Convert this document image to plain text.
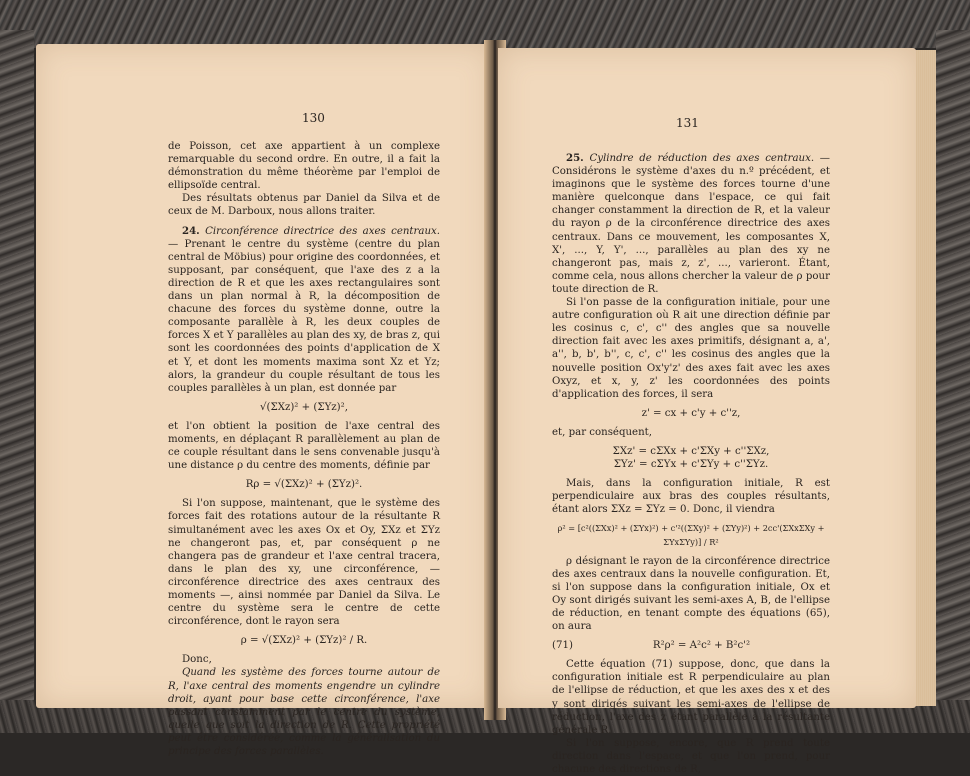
130

de Poisson, cet axe appartient à un complexe remarquable du second ordre. En outre, il a fait la démonstration du même théorème par l'emploi de ellipsoïde central.

Des résultats obtenus par Daniel da Silva et de ceux de M. Darboux, nous allons traiter.

24. Circonférence directrice des axes centraux. — Prenant le centre du système (centre du plan central de Möbius) pour origine des coordonnées, et supposant, par conséquent, que l'axe des z a la direction de R et que les axes rectangulaires sont dans un plan normal à R, la décomposition de chacune des forces du système donne, outre la composante parallèle à R, les deux couples de forces X et Y parallèles au plan des xy, de bras z, qui sont les coordonnées des points d'application de X et Y, et dont les moments maxima sont Xz et Yz; alors, la grandeur du couple résultant de tous les couples parallèles à un plan, est donnée par

√(ΣXz)² + (ΣYz)²,

et l'on obtient la position de l'axe central des moments, en déplaçant R parallèlement au plan de ce couple résultant dans le sens convenable jusqu'à une distance ρ du centre des moments, définie par

Rρ = √(ΣXz)² + (ΣYz)².

Si l'on suppose, maintenant, que le système des forces fait des rotations autour de la résultante R simultanément avec les axes Ox et Oy, ΣXz et ΣYz ne changeront pas, et, par conséquent ρ ne changera pas de grandeur et l'axe central tracera, dans le plan des xy, une circonférence, — circonférence directrice des axes centraux des moments —, ainsi nommée par Daniel da Silva. Le centre du système sera le centre de cette circonférence, dont le rayon sera

ρ = √(ΣXz)² + (ΣYz)² / R.

Donc,

Quand les système des forces tourne autour de R, l'axe central des moments engendre un cylindre droit, ayant pour base cette circonférence, l'axe passant constamment par le centre du système, quelle que soit la direction de R. Cette propriété peut être considérée, comme la généralisation du principe des forces parallèles.

131

25. Cylindre de réduction des axes centraux. — Considérons le système d'axes du n.º précédent, et imaginons que le système des forces tourne d'une manière quelconque dans l'espace, ce qui fait changer constamment la direction de R, et la valeur du rayon ρ de la circonférence directrice des axes centraux. Dans ce mouvement, les composantes X, X', ..., Y, Y', ..., parallèles au plan des xy ne changeront pas, mais z, z', ..., varieront. Étant, comme cela, nous allons chercher la valeur de ρ pour toute direction de R.

Si l'on passe de la configuration initiale, pour une autre configuration où R ait une direction définie par les cosinus c, c', c'' des angles que sa nouvelle direction fait avec les axes primitifs, désignant a, a', a'', b, b', b'', c, c', c'' les cosinus des angles que la nouvelle position Ox'y'z' des axes fait avec les axes Oxyz, et x, y, z' les coordonnées des points d'application des forces, il sera

z' = cx + c'y + c''z,

et, par conséquent,

ΣXz' = cΣXx + c'ΣXy + c''ΣXz,

ΣYz' = cΣYx + c'ΣYy + c''ΣYz.

Mais, dans la configuration initiale, R est perpendiculaire aux bras des couples résultants, étant alors ΣXz = ΣYz = 0. Donc, il viendra

ρ² = [c²((ΣXx)² + (ΣYx)²) + c'²((ΣXy)² + (ΣYy)²) + 2cc'(ΣXxΣXy + ΣYxΣYy)] / R²

ρ désignant le rayon de la circonférence directrice des axes centraux dans la nouvelle configuration. Et, si l'on suppose dans la configuration initiale, Ox et Oy sont dirigés suivant les semi-axes A, B, de l'ellipse de réduction, en tenant compte des équations (65), on aura

(71)	R²ρ² = A²c² + B²c'²

Cette équation (71) suppose, donc, que dans la configuration initiale est R perpendiculaire au plan de l'ellipse de réduction, et que les axes des x et des y sont dirigés suivant les semi-axes de l'ellipse de réduction, l'axe des z étant parallèle à la résultante générale R.

Si l'on suppose, encore, que R prend toute direction dans l'espace, et que l'on prend, pour chacune des directions de R,
